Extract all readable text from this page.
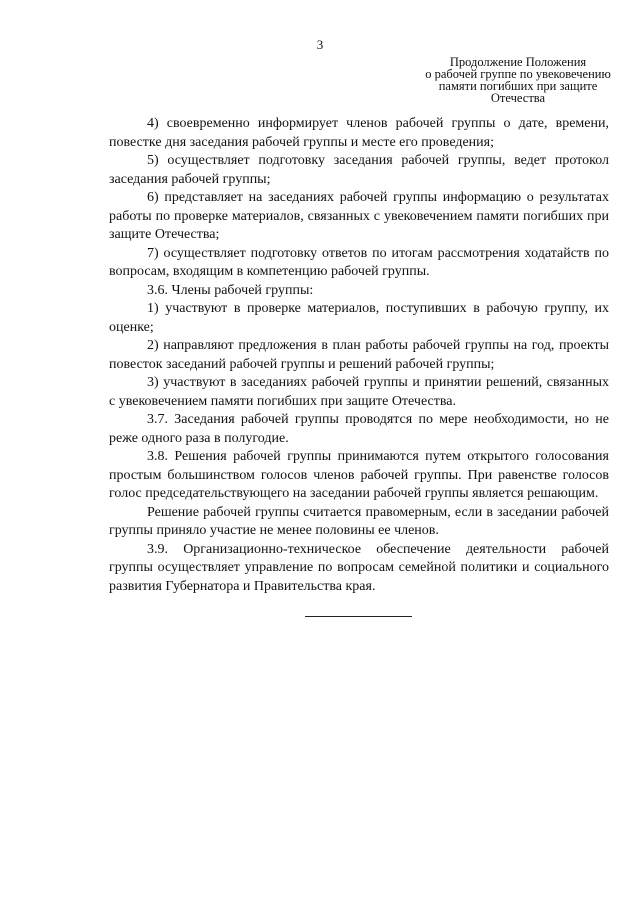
3
Продолжение Положения
о рабочей группе по увековечению
памяти погибших при защите
Отечества

4) своевременно информирует членов рабочей группы о дате, времени, повестке дня заседания рабочей группы и месте его проведения;

5) осуществляет подготовку заседания рабочей группы, ведет протокол заседания рабочей группы;

6) представляет на заседаниях рабочей группы информацию о результатах работы по проверке материалов, связанных с увековечением памяти погибших при защите Отечества;

7) осуществляет подготовку ответов по итогам рассмотрения ходатайств по вопросам, входящим в компетенцию рабочей группы.

3.6. Члены рабочей группы:

1) участвуют в проверке материалов, поступивших в рабочую группу, их оценке;

2) направляют предложения в план работы рабочей группы на год, проекты повесток заседаний рабочей группы и решений рабочей группы;

3) участвуют в заседаниях рабочей группы и принятии решений, связанных с увековечением памяти погибших при защите Отечества.

3.7. Заседания рабочей группы проводятся по мере необходимости, но не реже одного раза в полугодие.

3.8. Решения рабочей группы принимаются путем открытого голосования простым большинством голосов членов рабочей группы. При равенстве голосов голос председательствующего на заседании рабочей группы является решающим.

Решение рабочей группы считается правомерным, если в заседании рабочей группы приняло участие не менее половины ее членов.

3.9. Организационно-техническое обеспечение деятельности рабочей группы осуществляет управление по вопросам семейной политики и социального развития Губернатора и Правительства края.
